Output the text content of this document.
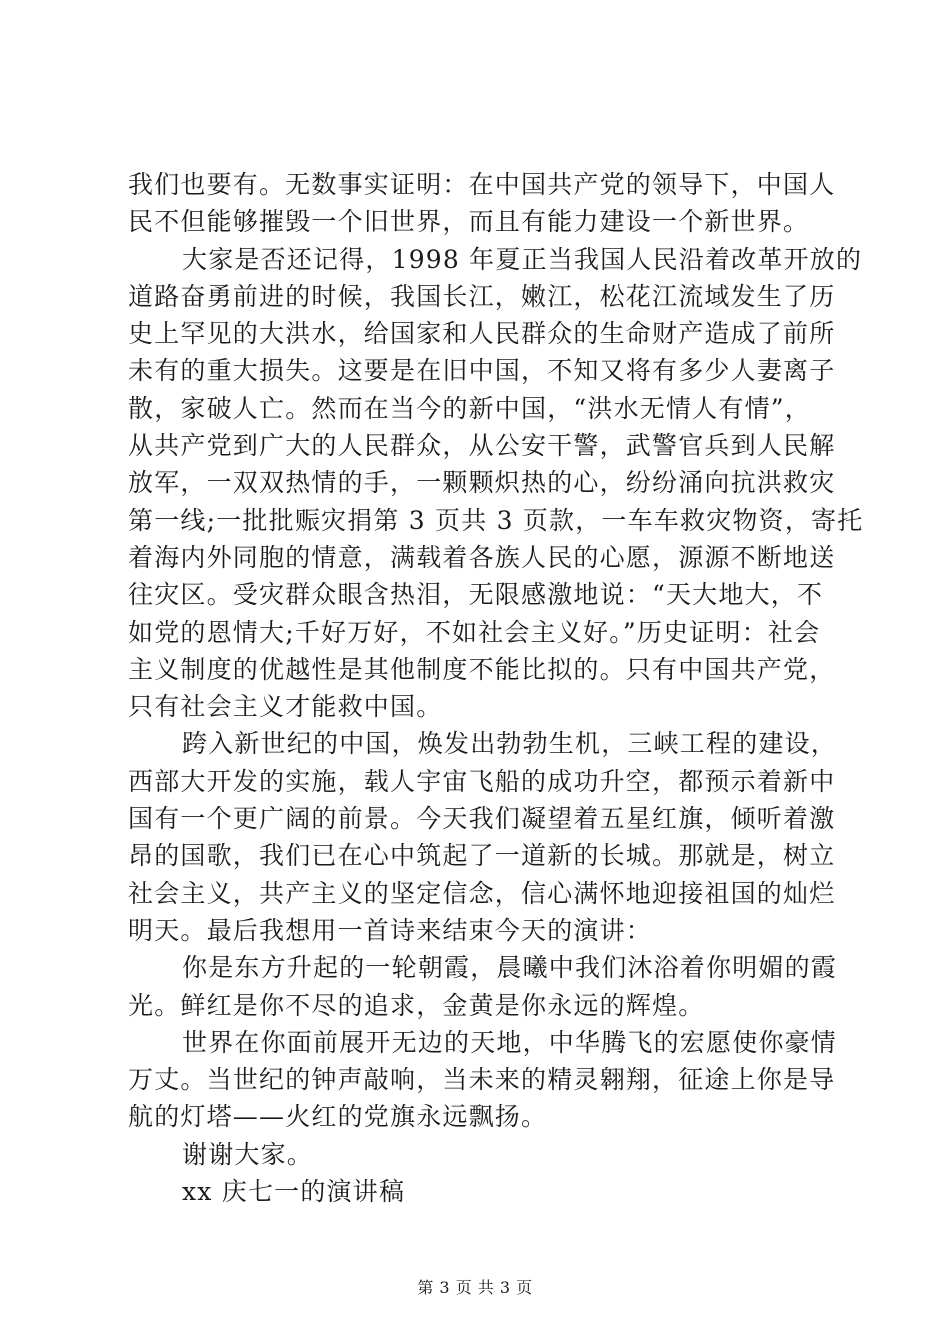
我们也要有。无数事实证明：在中国共产党的领导下，中国人
民不但能够摧毁一个旧世界，而且有能力建设一个新世界。
大家是否还记得，1998 年夏正当我国人民沿着改革开放的
道路奋勇前进的时候，我国长江，嫩江，松花江流域发生了历
史上罕见的大洪水，给国家和人民群众的生命财产造成了前所
未有的重大损失。这要是在旧中国，不知又将有多少人妻离子
散，家破人亡。然而在当今的新中国，“洪水无情人有情”，
从共产党到广大的人民群众，从公安干警，武警官兵到人民解
放军，一双双热情的手，一颗颗炽热的心，纷纷涌向抗洪救灾
第一线;一批批赈灾捐第 3 页共 3 页款，一车车救灾物资，寄托
着海内外同胞的情意，满载着各族人民的心愿，源源不断地送
往灾区。受灾群众眼含热泪，无限感激地说：“天大地大，不
如党的恩情大;千好万好，不如社会主义好。”历史证明：社会
主义制度的优越性是其他制度不能比拟的。只有中国共产党，
只有社会主义才能救中国。
跨入新世纪的中国，焕发出勃勃生机，三峡工程的建设，
西部大开发的实施，载人宇宙飞船的成功升空，都预示着新中
国有一个更广阔的前景。今天我们凝望着五星红旗，倾听着激
昂的国歌，我们已在心中筑起了一道新的长城。那就是，树立
社会主义，共产主义的坚定信念，信心满怀地迎接祖国的灿烂
明天。最后我想用一首诗来结束今天的演讲：
你是东方升起的一轮朝霞，晨曦中我们沐浴着你明媚的霞
光。鲜红是你不尽的追求，金黄是你永远的辉煌。
世界在你面前展开无边的天地，中华腾飞的宏愿使你豪情
万丈。当世纪的钟声敲响，当未来的精灵翱翔，征途上你是导
航的灯塔——火红的党旗永远飘扬。
谢谢大家。
xx 庆七一的演讲稿
第 3 页 共 3 页
